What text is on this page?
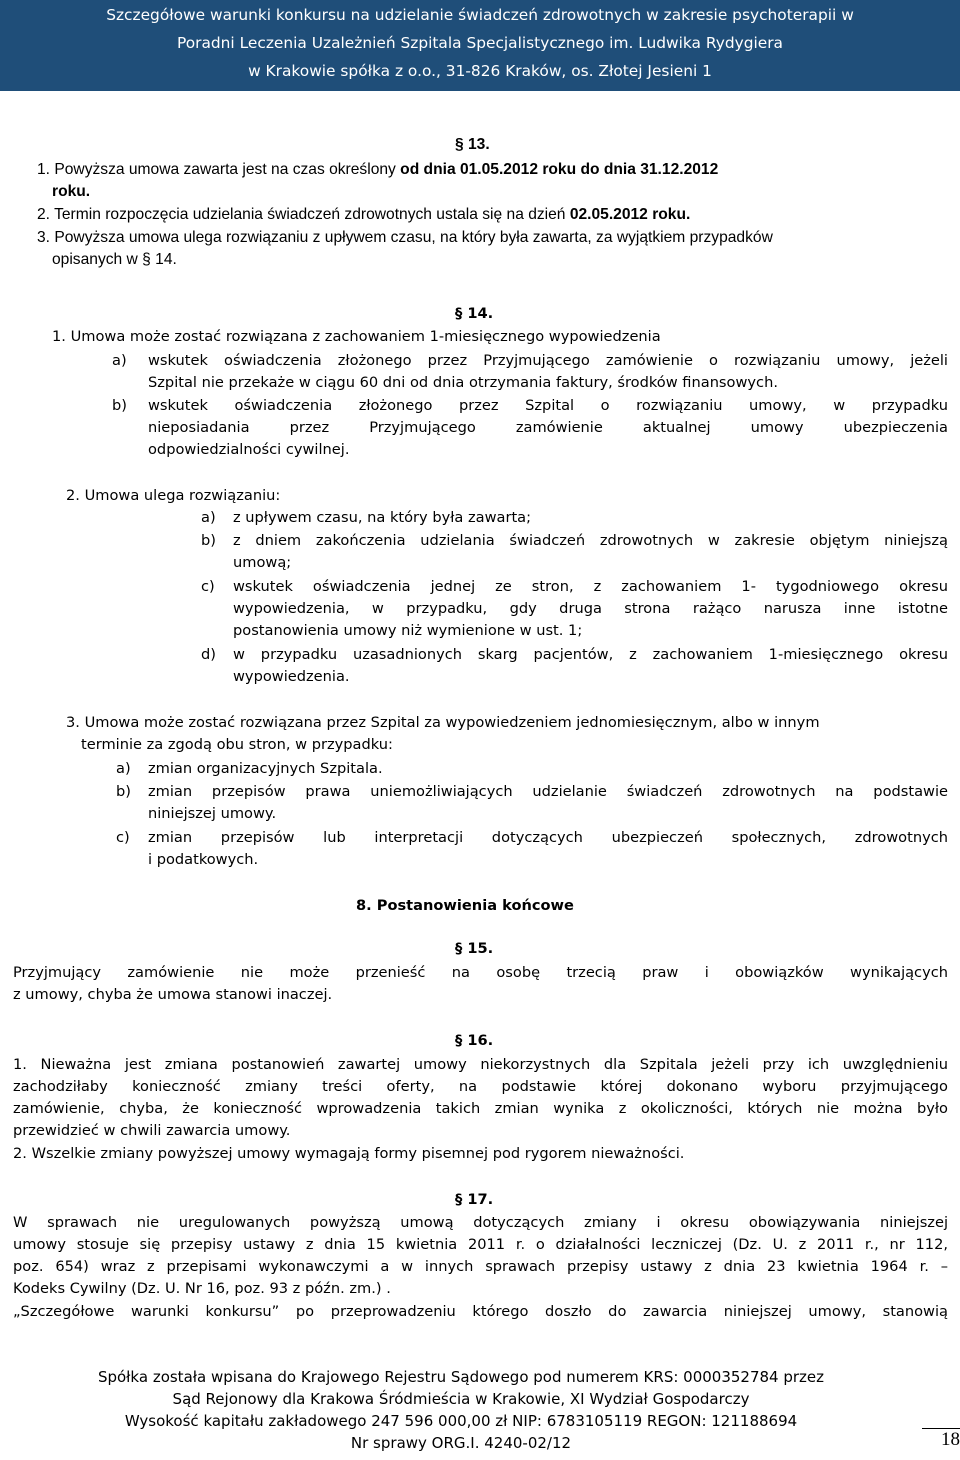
Szczegółowe warunki konkursu na udzielanie świadczeń zdrowotnych w zakresie psychoterapii w
Poradni Leczenia Uzależnień Szpitala Specjalistycznego im. Ludwika Rydygiera
w Krakowie spółka z o.o., 31-826 Kraków, os. Złotej Jesieni 1
§ 13.
1. Powyższa umowa zawarta jest na czas określony od dnia 01.05.2012 roku do dnia 31.12.2012
roku.
2. Termin rozpoczęcia udzielania świadczeń zdrowotnych ustala się na dzień 02.05.2012 roku.
3. Powyższa umowa ulega rozwiązaniu z upływem czasu, na który była zawarta, za wyjątkiem przypadków
opisanych w § 14.
§ 14.
1. Umowa może zostać rozwiązana z zachowaniem 1-miesięcznego wypowiedzenia
a) wskutek oświadczenia złożonego przez Przyjmującego zamówienie o rozwiązaniu umowy, jeżeli
Szpital nie przekaże w ciągu 60 dni od dnia otrzymania faktury, środków finansowych.
b) wskutek oświadczenia złożonego przez Szpital o rozwiązaniu umowy, w przypadku
nieposiadania przez Przyjmującego zamówienie aktualnej umowy ubezpieczenia
odpowiedzialności cywilnej.
2. Umowa ulega rozwiązaniu:
a) z upływem czasu, na który była zawarta;
b) z dniem zakończenia udzielania świadczeń zdrowotnych w zakresie objętym niniejszą
umową;
c) wskutek oświadczenia jednej ze stron, z zachowaniem 1- tygodniowego okresu
wypowiedzenia, w przypadku, gdy druga strona rażąco narusza inne istotne
postanowienia umowy niż wymienione w ust. 1;
d) w przypadku uzasadnionych skarg pacjentów, z zachowaniem 1-miesięcznego okresu
wypowiedzenia.
3. Umowa może zostać rozwiązana przez Szpital za wypowiedzeniem jednomiesięcznym, albo w innym
terminie za zgodą obu stron, w przypadku:
a) zmian organizacyjnych Szpitala.
b) zmian przepisów prawa uniemożliwiających udzielanie świadczeń zdrowotnych na podstawie
niniejszej umowy.
c) zmian przepisów lub interpretacji dotyczących ubezpieczeń społecznych, zdrowotnych
i podatkowych.
8. Postanowienia końcowe
§ 15.
Przyjmujący zamówienie nie może przenieść na osobę trzecią praw i obowiązków wynikających
z umowy, chyba że umowa stanowi inaczej.
§ 16.
1. Nieważna jest zmiana postanowień zawartej umowy niekorzystnych dla Szpitala jeżeli przy ich uwzględnieniu
zachodziłaby konieczność zmiany treści oferty, na podstawie której dokonano wyboru przyjmującego
zamówienie, chyba, że konieczność wprowadzenia takich zmian wynika z okoliczności, których nie można było
przewidzieć w chwili zawarcia umowy.
2. Wszelkie zmiany powyższej umowy wymagają formy pisemnej pod rygorem nieważności.
§ 17.
W sprawach nie uregulowanych powyższą umową dotyczących zmiany i okresu obowiązywania niniejszej
umowy stosuje się przepisy ustawy z dnia 15 kwietnia 2011 r. o działalności leczniczej (Dz. U. z 2011 r., nr 112,
poz. 654) wraz z przepisami wykonawczymi a w innych sprawach przepisy ustawy z dnia 23 kwietnia 1964 r. –
Kodeks Cywilny (Dz. U. Nr 16, poz. 93 z późn. zm.) .
„Szczegółowe warunki konkursu” po przeprowadzeniu którego doszło do zawarcia niniejszej umowy, stanowią
Spółka została wpisana do Krajowego Rejestru Sądowego pod numerem KRS: 0000352784 przez
Sąd Rejonowy dla Krakowa Śródmieścia w Krakowie, XI Wydział Gospodarczy
Wysokość kapitału zakładowego 247 596 000,00 zł NIP: 6783105119 REGON: 121188694
Nr sprawy ORG.I. 4240-02/12	18
